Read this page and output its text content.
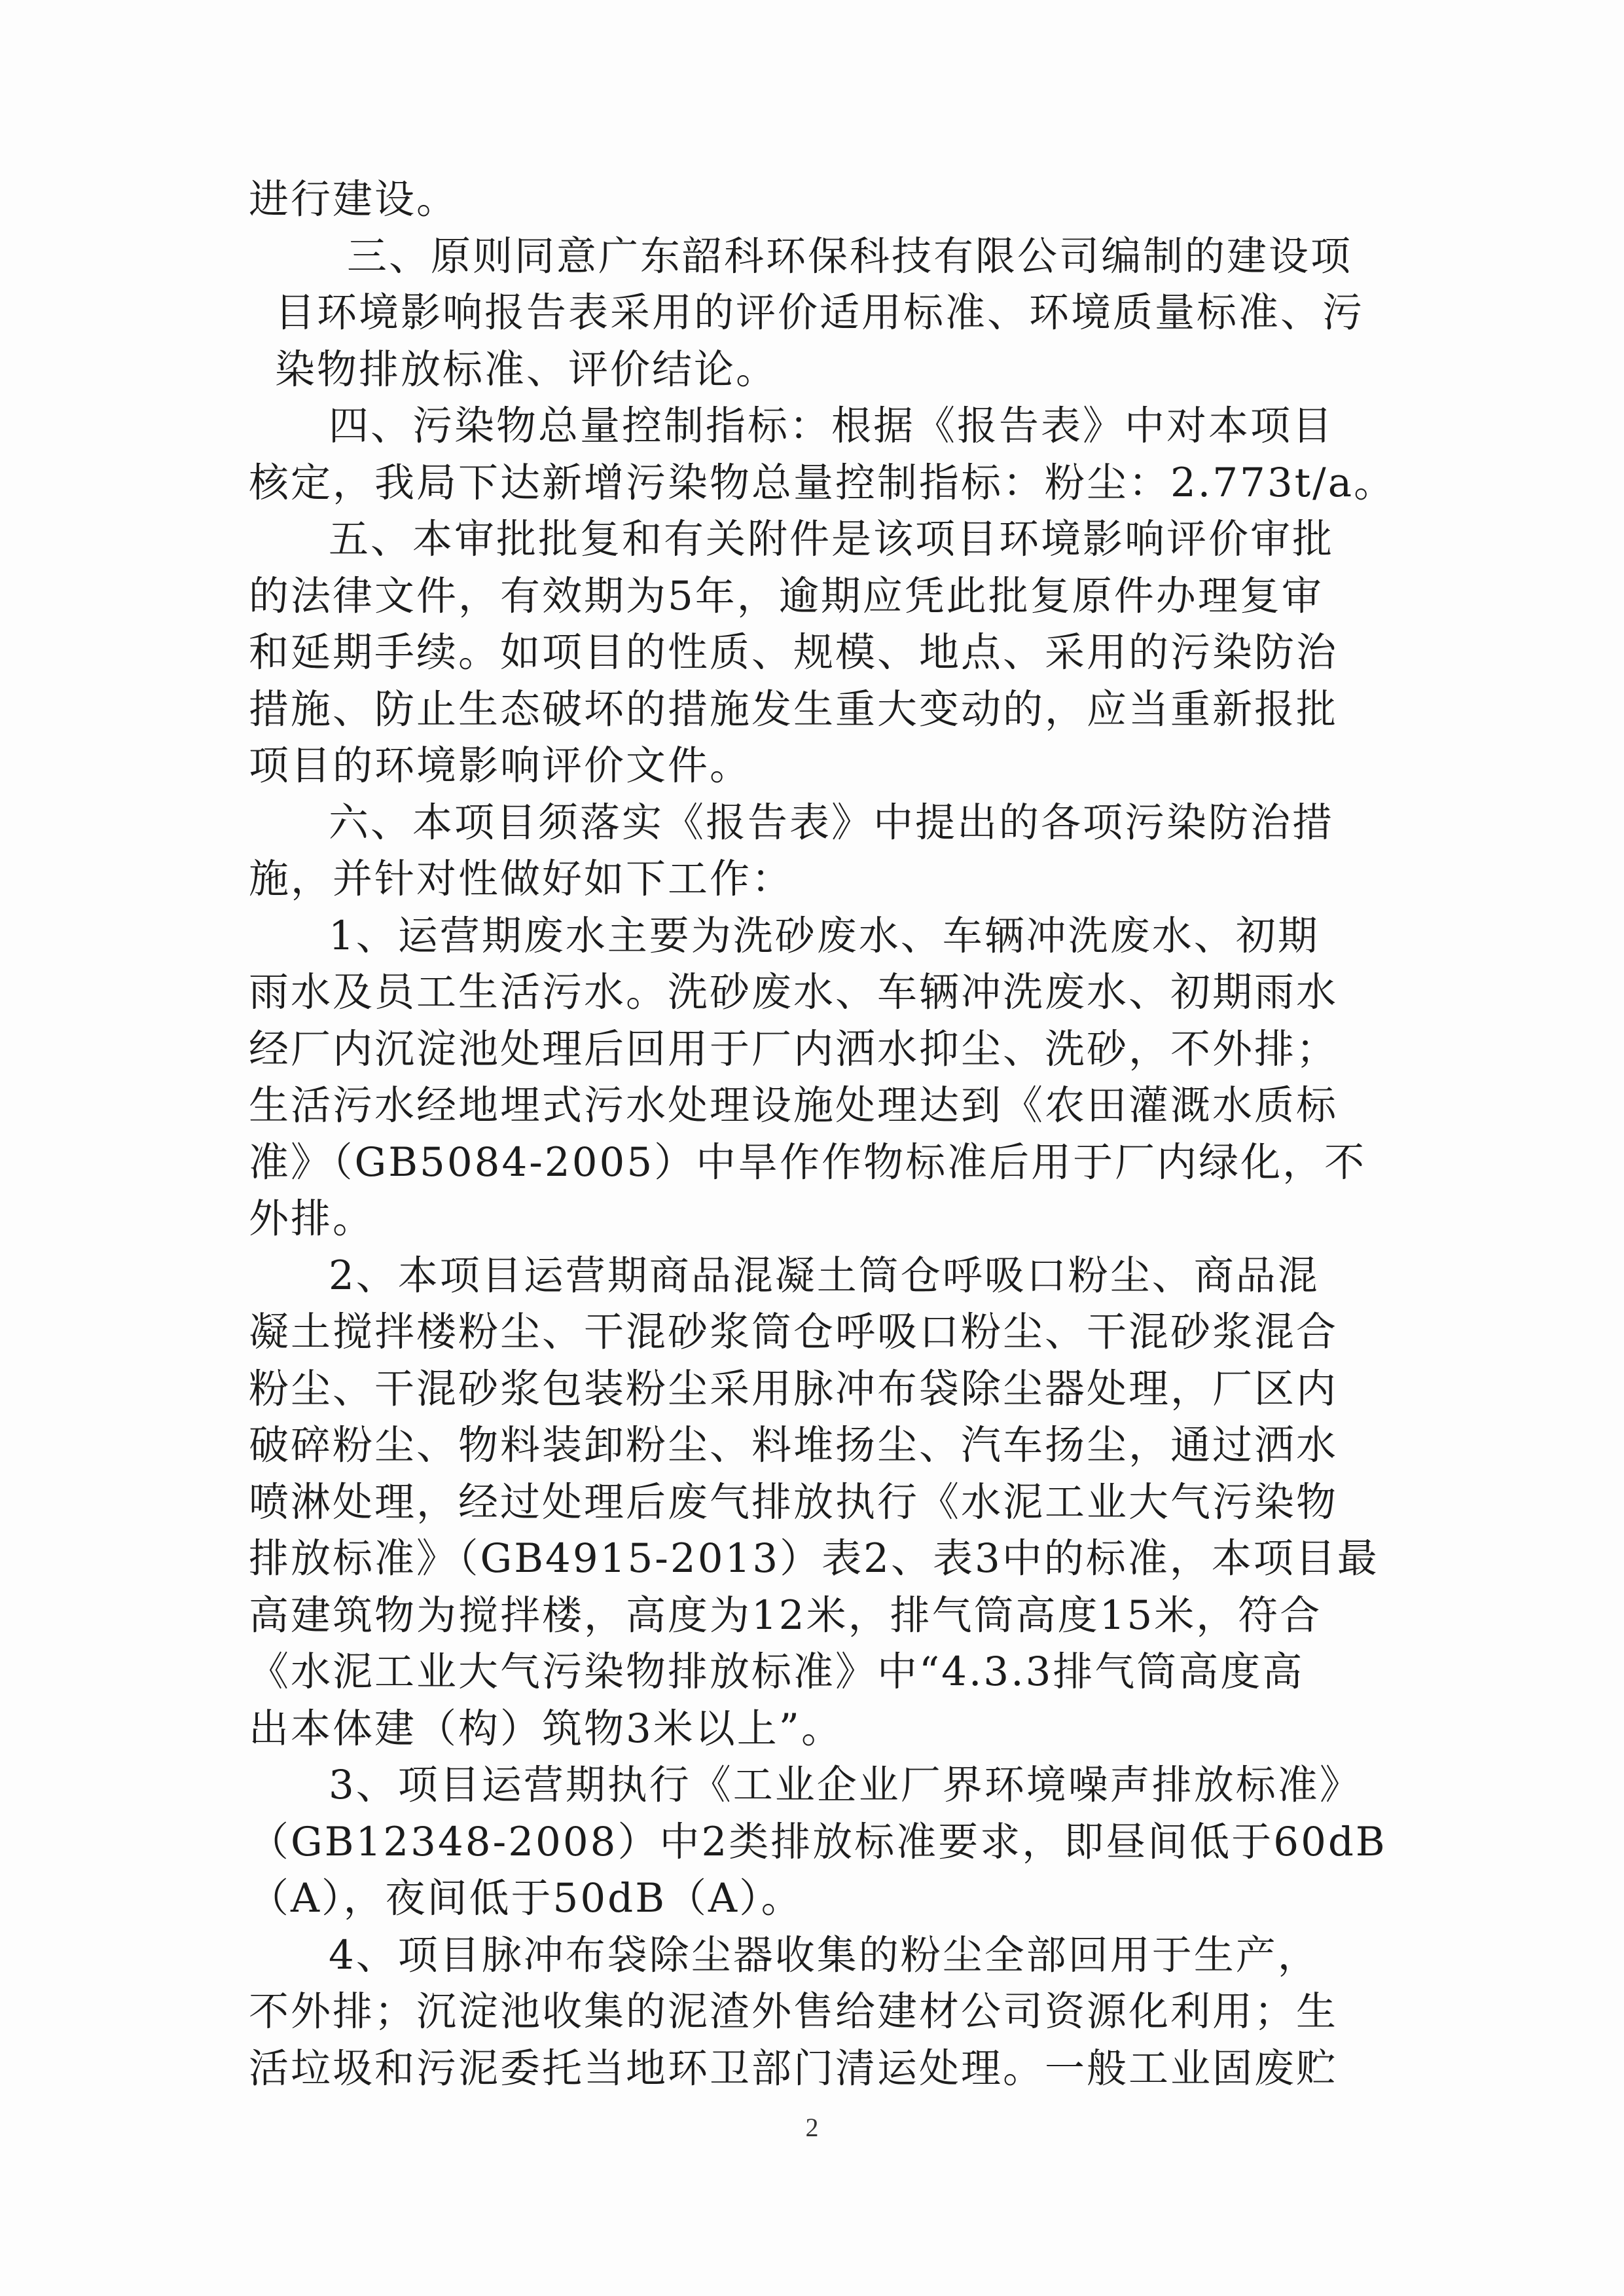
进行建设。
三、原则同意广东韶科环保科技有限公司编制的建设项
目环境影响报告表采用的评价适用标准、环境质量标准、污
染物排放标准、评价结论。
四、污染物总量控制指标：根据《报告表》中对本项目
核定，我局下达新增污染物总量控制指标：粉尘：2.773t/a。
五、本审批批复和有关附件是该项目环境影响评价审批
的法律文件，有效期为5年，逾期应凭此批复原件办理复审
和延期手续。如项目的性质、规模、地点、采用的污染防治
措施、防止生态破坏的措施发生重大变动的，应当重新报批
项目的环境影响评价文件。
六、本项目须落实《报告表》中提出的各项污染防治措
施，并针对性做好如下工作：
1、运营期废水主要为洗砂废水、车辆冲洗废水、初期
雨水及员工生活污水。洗砂废水、车辆冲洗废水、初期雨水
经厂内沉淀池处理后回用于厂内洒水抑尘、洗砂，不外排；
生活污水经地埋式污水处理设施处理达到《农田灌溉水质标
准》（GB5084-2005）中旱作作物标准后用于厂内绿化，不
外排。
2、本项目运营期商品混凝土筒仓呼吸口粉尘、商品混
凝土搅拌楼粉尘、干混砂浆筒仓呼吸口粉尘、干混砂浆混合
粉尘、干混砂浆包装粉尘采用脉冲布袋除尘器处理，厂区内
破碎粉尘、物料装卸粉尘、料堆扬尘、汽车扬尘，通过洒水
喷淋处理，经过处理后废气排放执行《水泥工业大气污染物
排放标准》（GB4915-2013）表2、表3中的标准，本项目最
高建筑物为搅拌楼，高度为12米，排气筒高度15米，符合
《水泥工业大气污染物排放标准》中“4.3.3排气筒高度高
出本体建（构）筑物3米以上”。
3、项目运营期执行《工业企业厂界环境噪声排放标准》
（GB12348-2008）中2类排放标准要求，即昼间低于60dB
（A），夜间低于50dB（A）。
4、项目脉冲布袋除尘器收集的粉尘全部回用于生产，
不外排；沉淀池收集的泥渣外售给建材公司资源化利用；生
活垃圾和污泥委托当地环卫部门清运处理。一般工业固废贮
2
